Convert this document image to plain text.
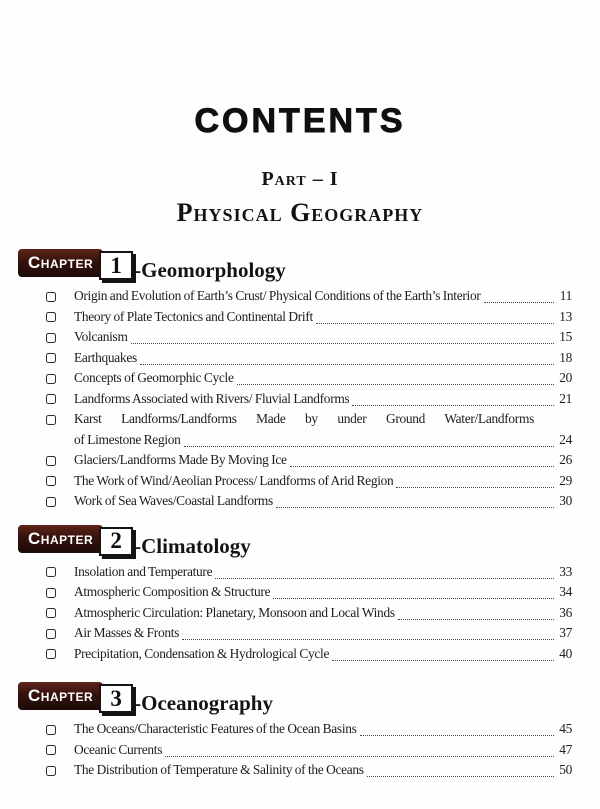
CONTENTS
Part – I
Physical Geography
Chapter 1 -Geomorphology
Origin and Evolution of Earth’s Crust/ Physical Conditions of the Earth’s Interior	11
Theory of Plate Tectonics and Continental Drift	13
Volcanism	15
Earthquakes	18
Concepts of Geomorphic Cycle	20
Landforms Associated with Rivers/ Fluvial Landforms	21
Karst Landforms/Landforms Made by under Ground Water/Landforms
of Limestone Region	24
Glaciers/Landforms Made By Moving Ice	26
The Work of Wind/Aeolian Process/ Landforms of Arid Region	29
Work of Sea Waves/Coastal Landforms	30
Chapter 2 -Climatology
Insolation and Temperature	33
Atmospheric Composition & Structure	34
Atmospheric Circulation: Planetary, Monsoon and Local Winds	36
Air Masses & Fronts	37
Precipitation, Condensation & Hydrological Cycle	40
Chapter 3 -Oceanography
The Oceans/Characteristic Features of the Ocean Basins	45
Oceanic Currents	47
The Distribution of Temperature & Salinity of the Oceans	50
